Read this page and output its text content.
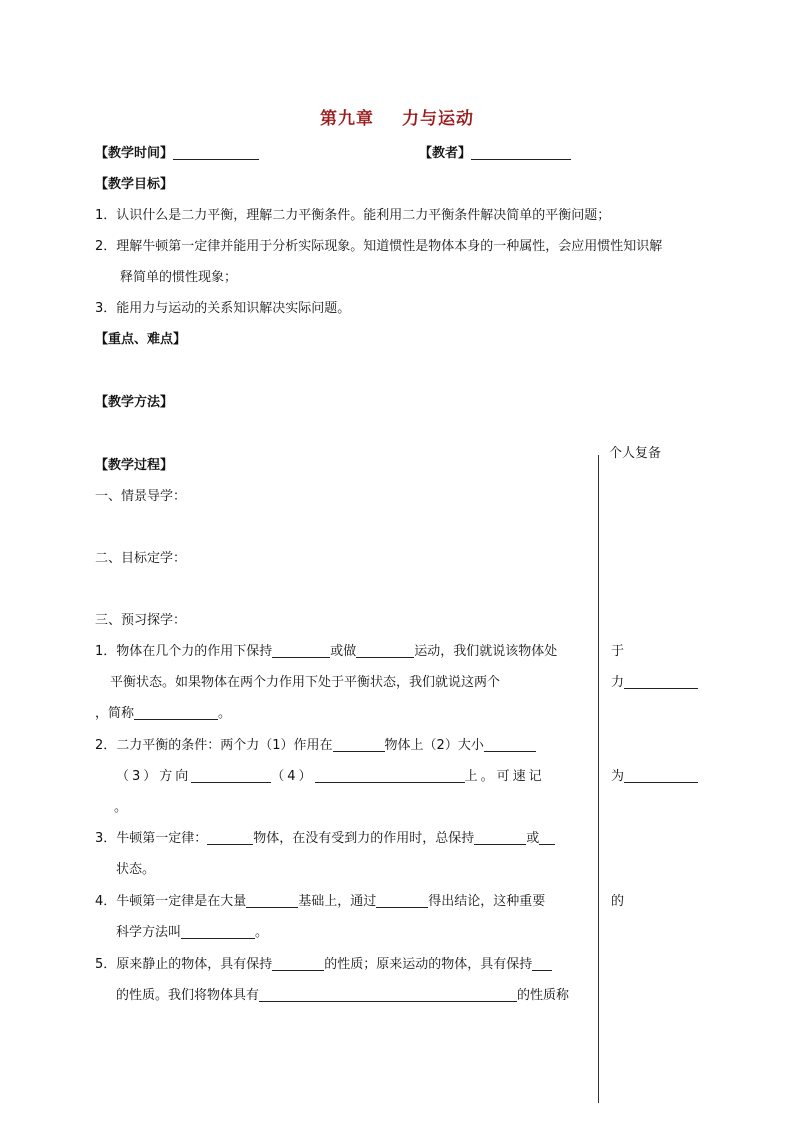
第九章 力与运动
【教学时间】	【教者】
【教学目标】
1．认识什么是二力平衡，理解二力平衡条件。能利用二力平衡条件解决简单的平衡问题；
2．理解牛顿第一定律并能用于分析实际现象。知道惯性是物体本身的一种属性，会应用惯性知识解
释简单的惯性现象；
3．能用力与运动的关系知识解决实际问题。
【重点、难点】
【教学方法】
个人复备
【教学过程】
一、情景导学：
二、目标定学：
三、预习探学：
1．物体在几个力的作用下保持	或做	运动，我们就说该物体处
平衡状态。如果物体在两个力作用下处于平衡状态，我们就说这两个
，简称	。
于
力
2．二力平衡的条件：两个力（1）作用在	物体上（2）大小
（3）方向	（4）	上。可速记
。
为
3．牛顿第一定律：	物体，在没有受到力的作用时，总保持	或
状态。
4．牛顿第一定律是在大量	基础上，通过	得出结论，这种重要
科学方法叫	。
的
5．原来静止的物体，具有保持	的性质；原来运动的物体，具有保持
的性质。我们将物体具有	的性质称
